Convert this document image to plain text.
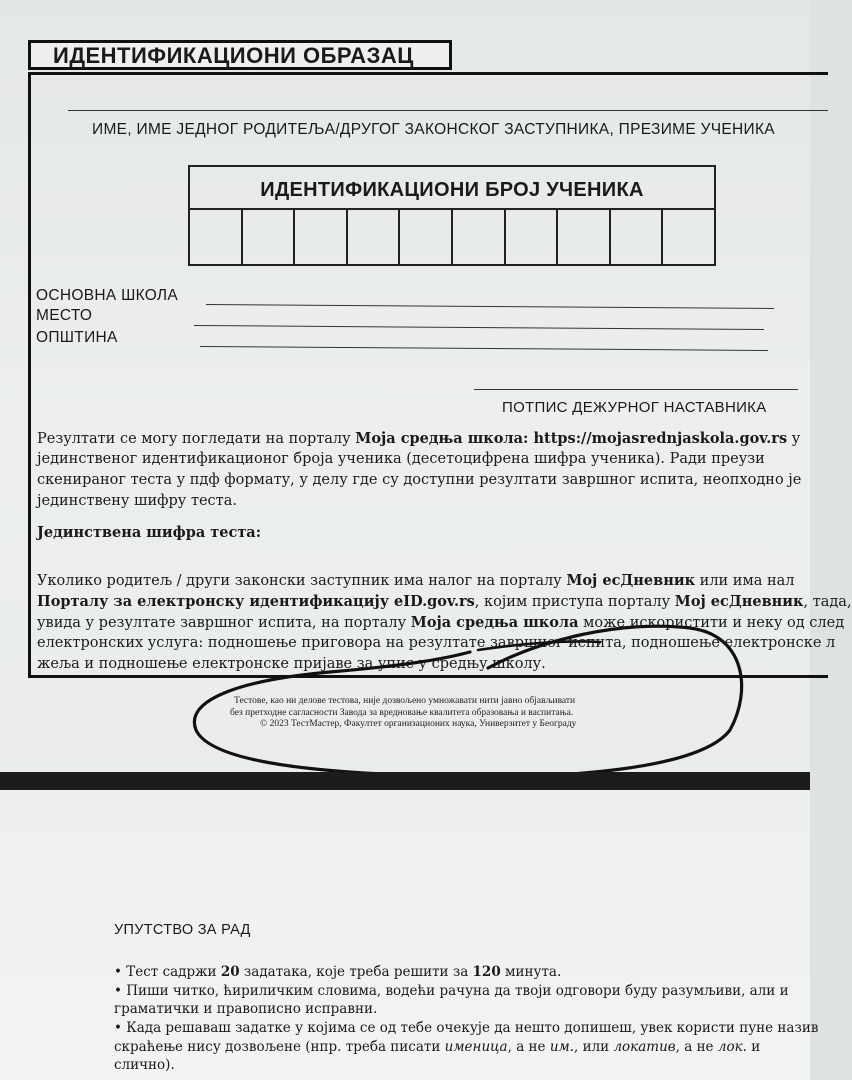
ИДЕНТИФИКАЦИОНИ ОБРАЗАЦ
ИМЕ, ИМЕ ЈЕДНОГ РОДИТЕЉА/ДРУГОГ ЗАКОНСКОГ ЗАСТУПНИКА, ПРЕЗИМЕ УЧЕНИКА
ИДЕНТИФИКАЦИОНИ БРОЈ УЧЕНИКА
ОСНОВНА ШКОЛА
МЕСТО
ОПШТИНА
ПОТПИС ДЕЖУРНОГ НАСТАВНИКА
Резултати се могу погледати на порталу Моја средња школа: https://mojasrednjaskola.gov.rs у
јединственог идентификационог броја ученика (десетоцифрена шифра ученика). Ради преузи
скенираног теста у пдф формату, у делу где су доступни резултати завршног испита, неопходно је
јединствену шифру теста.
Јединствена шифра теста:
Уколико родитељ / други законски заступник има налог на порталу Мој есДневник или има нал
Порталу за електронску идентификацију eID.gov.rs, којим приступа порталу Мој есДневник, тада,
увида у резултате завршног испита, на порталу Моја средња школа може искористити и неку од след
електронских услуга: подношење приговора на резултате завршног испита, подношење електронске л
жеља и подношење електронске пријаве за упис у средњу школу.
Тестове, као ни делове тестова, није дозвољено умножавати нити јавно објављивати
без претходне сагласности Завода за вредновање квалитета образовања и васпитања.
© 2023 ТестМастер, Факултет организационих наука, Универзитет у Београду
УПУТСТВО ЗА РАД
• Тест садржи 20 задатака, које треба решити за 120 минута.
• Пиши читко, ћириличким словима, водећи рачуна да твоји одговори буду разумљиви, али и
граматички и правописно исправни.
• Када решаваш задатке у којима се од тебе очекује да нешто допишеш, увек користи пуне назив
скраћење нису дозвољене (нпр. треба писати именица, а не им., или локатив, а не лок. и
слично).
